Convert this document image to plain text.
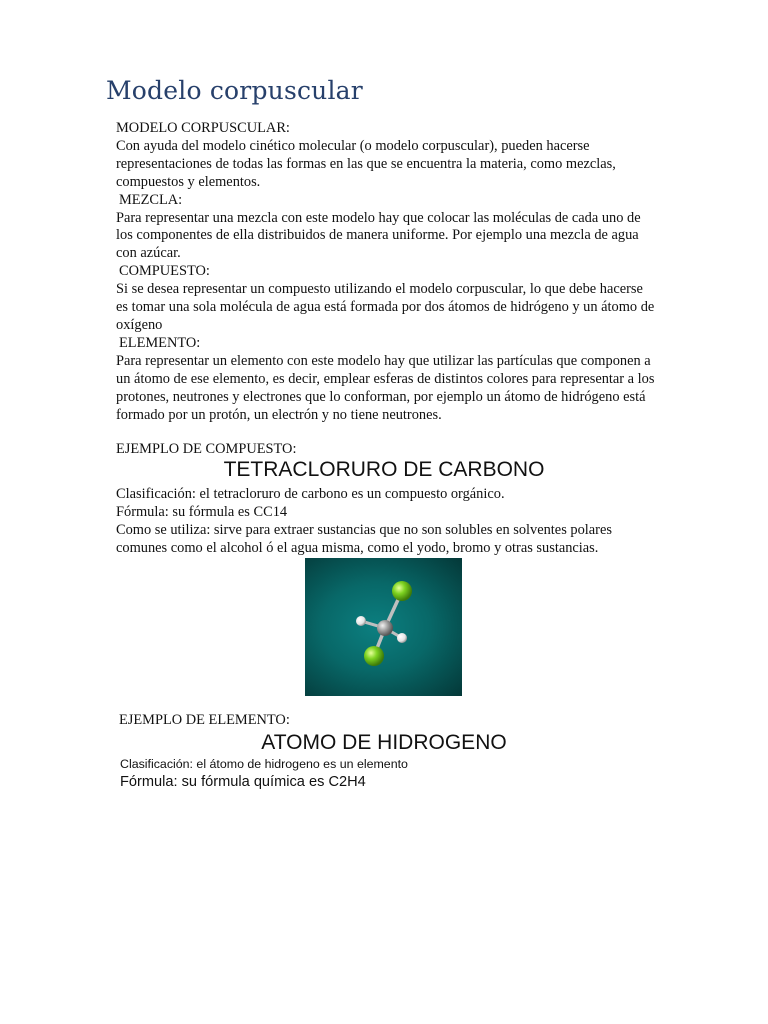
Modelo corpuscular

MODELO CORPUSCULAR:

Con ayuda del modelo cinético molecular (o modelo corpuscular), pueden hacerse representaciones de todas las formas en las que se encuentra la materia, como mezclas, compuestos y elementos.

MEZCLA:

Para representar una mezcla con este modelo hay que colocar las moléculas de cada uno de los componentes de ella distribuidos de manera uniforme. Por ejemplo una mezcla de agua con azúcar.

COMPUESTO:

Si se desea representar un compuesto utilizando el modelo corpuscular, lo que debe hacerse es tomar una sola molécula de agua está formada por dos átomos de hidrógeno y un átomo de oxígeno

ELEMENTO:

Para representar un elemento con este modelo hay que utilizar las partículas que componen a un átomo de ese elemento, es decir, emplear esferas de distintos colores para representar a los protones, neutrones y electrones que lo conforman, por ejemplo un átomo de hidrógeno está formado por un protón, un electrón y no tiene neutrones.

EJEMPLO DE COMPUESTO:
TETRACLORURO DE CARBONO

Clasificación: el tetracloruro de carbono es un compuesto orgánico.

Fórmula: su fórmula es CC14

Como se utiliza: sirve para extraer sustancias que no son solubles en solventes polares comunes como el alcohol ó el agua misma, como el yodo, bromo y otras sustancias.

EJEMPLO DE ELEMENTO:
ATOMO DE HIDROGENO
Clasificación: el átomo de hidrogeno es un elemento
Fórmula: su fórmula química es C2H4
